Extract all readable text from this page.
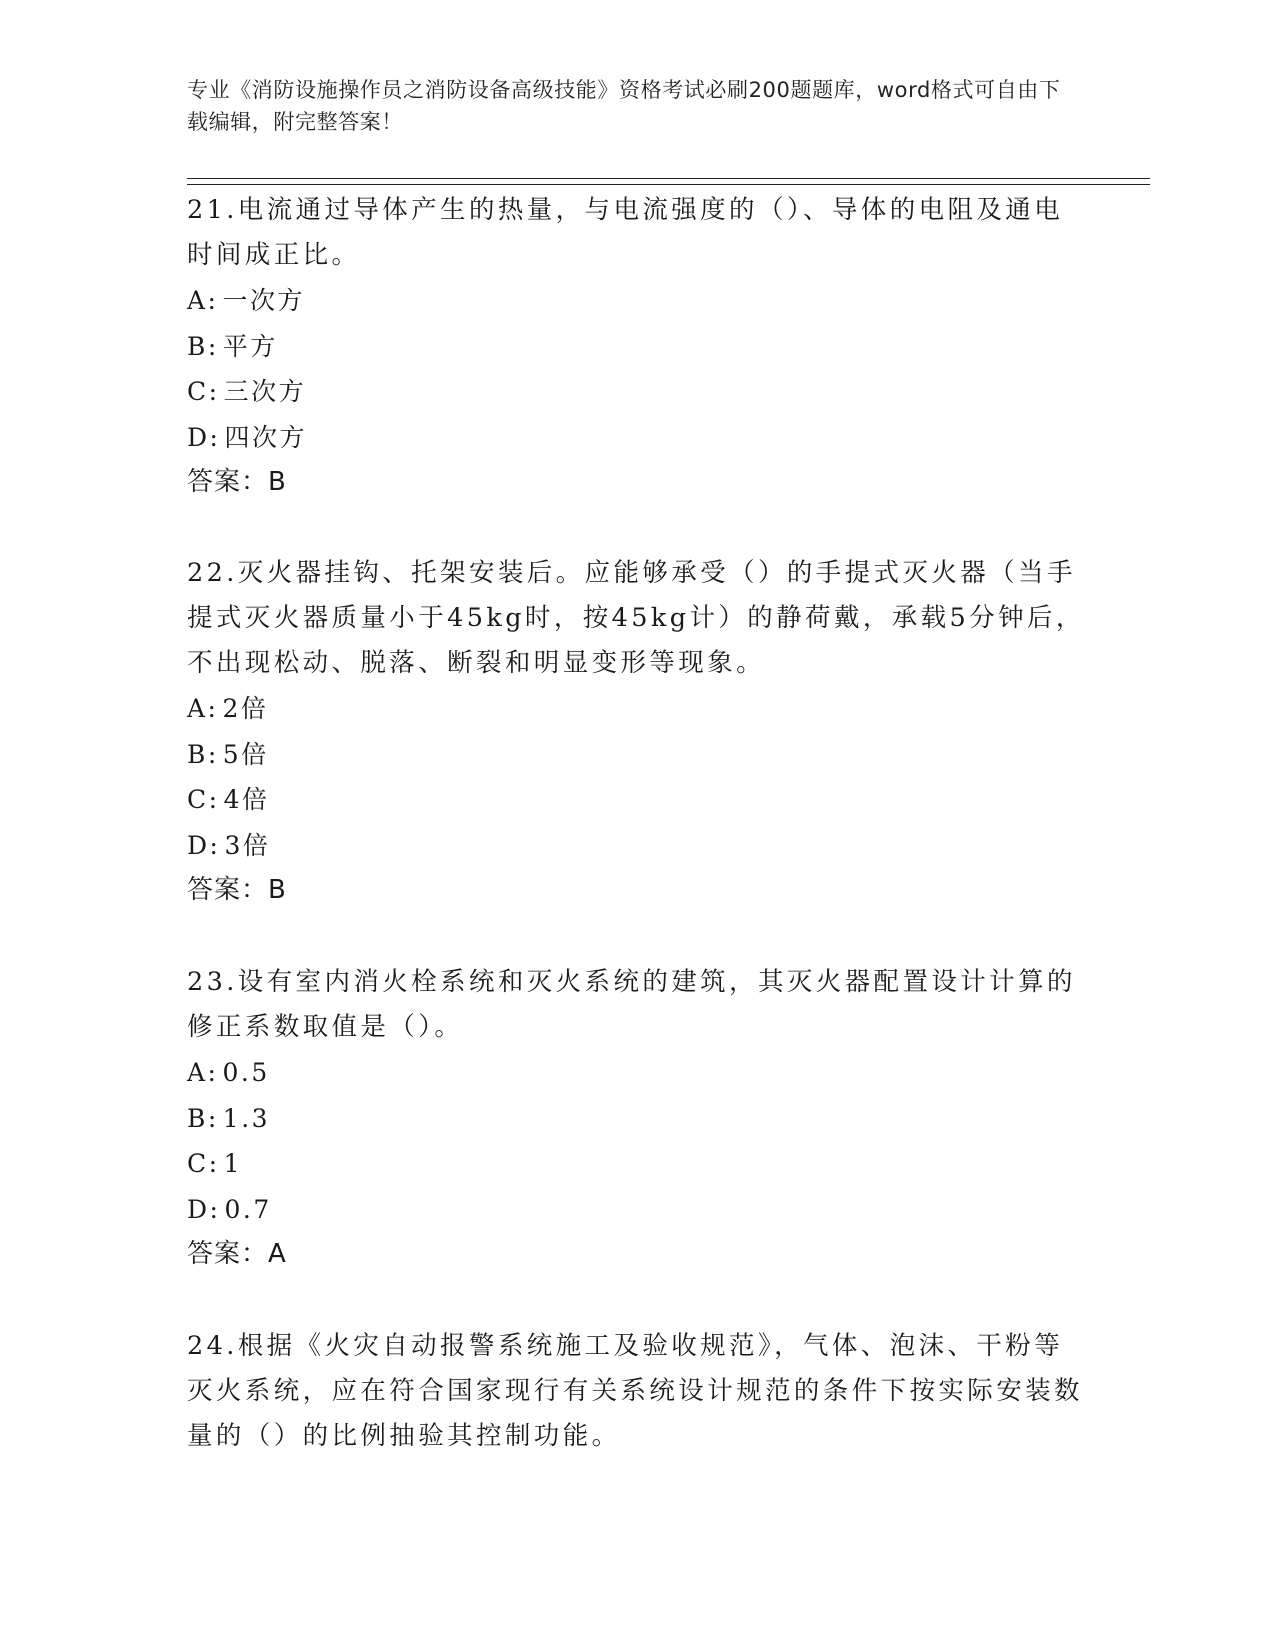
专业《消防设施操作员之消防设备高级技能》资格考试必刷200题题库，word格式可自由下载编辑，附完整答案！

21.电流通过导体产生的热量，与电流强度的（）、导体的电阻及通电时间成正比。

A: 一次方

B: 平方

C: 三次方

D: 四次方

答案：B

22.灭火器挂钩、托架安装后。应能够承受（）的手提式灭火器（当手提式灭火器质量小于45kg时，按45kg计）的静荷戴，承载5分钟后，不出现松动、脱落、断裂和明显变形等现象。

A: 2倍

B: 5倍

C: 4倍

D: 3倍

答案：B

23.设有室内消火栓系统和灭火系统的建筑，其灭火器配置设计计算的修正系数取值是（）。

A: 0.5

B: 1.3

C: 1

D: 0.7

答案：A

24.根据《火灾自动报警系统施工及验收规范》，气体、泡沫、干粉等灭火系统，应在符合国家现行有关系统设计规范的条件下按实际安装数量的（）的比例抽验其控制功能。
